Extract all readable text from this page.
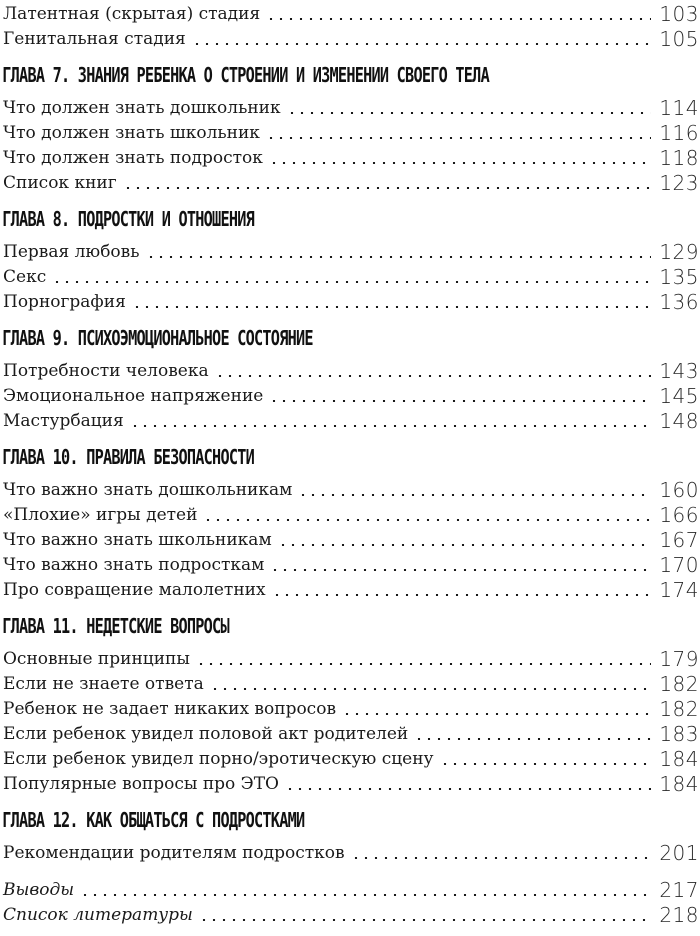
Латентная (скрытая) стадия	103
Генитальная стадия	105
ГЛАВА 7. ЗНАНИЯ РЕБЕНКА О СТРОЕНИИ И ИЗМЕНЕНИИ СВОЕГО ТЕЛА
Что должен знать дошкольник	114
Что должен знать школьник	116
Что должен знать подросток	118
Список книг	123
ГЛАВА 8. ПОДРОСТКИ И ОТНОШЕНИЯ
Первая любовь	129
Секс	135
Порнография	136
ГЛАВА 9. ПСИХОЭМОЦИОНАЛЬНОЕ СОСТОЯНИЕ
Потребности человека	143
Эмоциональное напряжение	145
Мастурбация	148
ГЛАВА 10. ПРАВИЛА БЕЗОПАСНОСТИ
Что важно знать дошкольникам	160
«Плохие» игры детей	166
Что важно знать школьникам	167
Что важно знать подросткам	170
Про совращение малолетних	174
ГЛАВА 11. НЕДЕТСКИЕ ВОПРОСЫ
Основные принципы	179
Если не знаете ответа	182
Ребенок не задает никаких вопросов	182
Если ребенок увидел половой акт родителей	183
Если ребенок увидел порно/эротическую сцену	184
Популярные вопросы про ЭТО	184
ГЛАВА 12. КАК ОБЩАТЬСЯ С ПОДРОСТКАМИ
Рекомендации родителям подростков	201
Выводы	217
Список литературы	218
